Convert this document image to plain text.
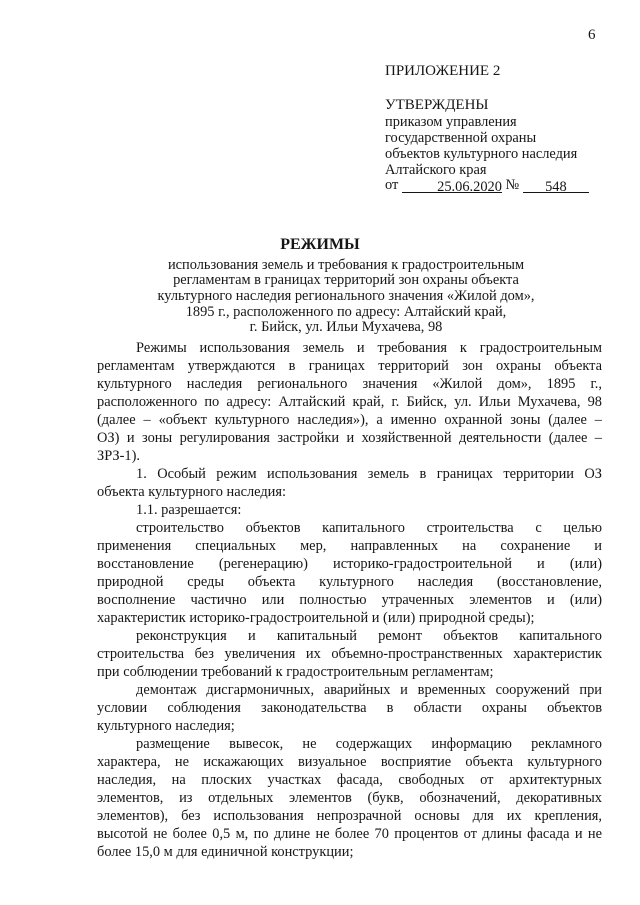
6
ПРИЛОЖЕНИЕ 2
УТВЕРЖДЕНЫ
приказом управления
государственной охраны
объектов культурного наследия
Алтайского края
от	25.06.2020 № 548
РЕЖИМЫ
использования земель и требования к градостроительным
регламентам в границах территорий зон охраны объекта
культурного наследия регионального значения «Жилой дом»,
1895 г., расположенного по адресу: Алтайский край,
г. Бийск, ул. Ильи Мухачева, 98
Режимы использования земель и требования к градостроительным
регламентам утверждаются в границах территорий зон охраны объекта
культурного наследия регионального значения «Жилой дом», 1895 г.,
расположенного по адресу: Алтайский край, г. Бийск, ул. Ильи Мухачева, 98
(далее – «объект культурного наследия»), а именно охранной зоны (далее –
ОЗ) и зоны регулирования застройки и хозяйственной деятельности (далее –
ЗРЗ-1).
1. Особый режим использования земель в границах территории ОЗ
объекта культурного наследия:
1.1. разрешается:
строительство объектов капитального строительства с целью
применения специальных мер, направленных на сохранение и
восстановление (регенерацию) историко-градостроительной и (или)
природной среды объекта культурного наследия (восстановление,
восполнение частично или полностью утраченных элементов и (или)
характеристик историко-градостроительной и (или) природной среды);
реконструкция и капитальный ремонт объектов капитального
строительства без увеличения их объемно-пространственных характеристик
при соблюдении требований к градостроительным регламентам;
демонтаж дисгармоничных, аварийных и временных сооружений при
условии соблюдения законодательства в области охраны объектов
культурного наследия;
размещение вывесок, не содержащих информацию рекламного
характера, не искажающих визуальное восприятие объекта культурного
наследия, на плоских участках фасада, свободных от архитектурных
элементов, из отдельных элементов (букв, обозначений, декоративных
элементов), без использования непрозрачной основы для их крепления,
высотой не более 0,5 м, по длине не более 70 процентов от длины фасада и не
более 15,0 м для единичной конструкции;
